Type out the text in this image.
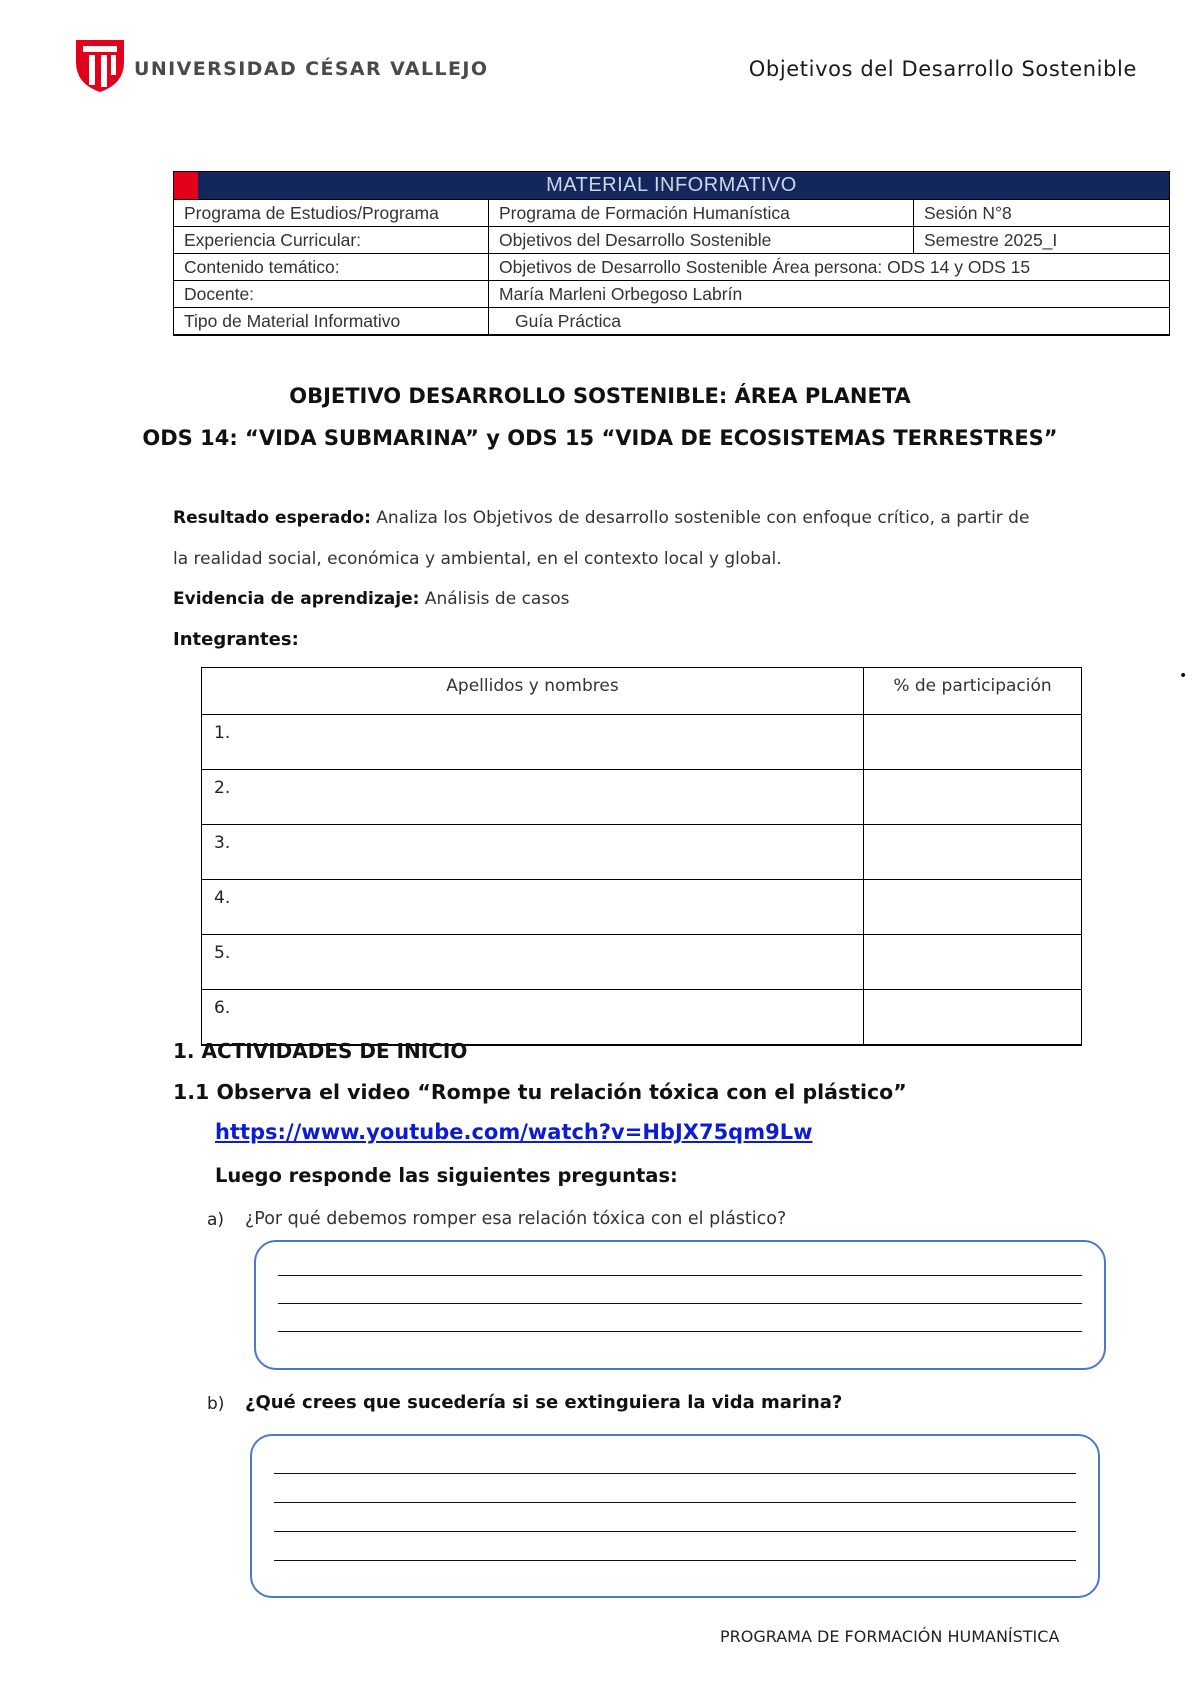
UNIVERSIDAD CÉSAR VALLEJO	Objetivos del Desarrollo Sostenible
MATERIAL INFORMATIVO		
Programa de Estudios/Programa	Programa de Formación Humanística	Sesión N°8
Experiencia Curricular:	Objetivos del Desarrollo Sostenible	Semestre 2025_I
Contenido temático:	Objetivos de Desarrollo Sostenible Área persona: ODS 14 y ODS 15	
Docente:	María Marleni Orbegoso Labrín	
Tipo de Material Informativo	Guía Práctica	
OBJETIVO DESARROLLO SOSTENIBLE: ÁREA PLANETA
ODS 14: “VIDA SUBMARINA” y ODS 15 “VIDA DE ECOSISTEMAS TERRESTRES”
Resultado esperado: Analiza los Objetivos de desarrollo sostenible con enfoque crítico, a partir de
la realidad social, económica y ambiental, en el contexto local y global.
Evidencia de aprendizaje: Análisis de casos
Integrantes:
•
Apellidos y nombres	% de participación
1.	
2.	
3.	
4.	
5.	
6.	
1. ACTIVIDADES DE INICIO
1.1 Observa el video “Rompe tu relación tóxica con el plástico”
https://www.youtube.com/watch?v=HbJX75qm9Lw
Luego responde las siguientes preguntas:
a) ¿Por qué debemos romper esa relación tóxica con el plástico?
b) ¿Qué crees que sucedería si se extinguiera la vida marina?
PROGRAMA DE FORMACIÓN HUMANÍSTICA
